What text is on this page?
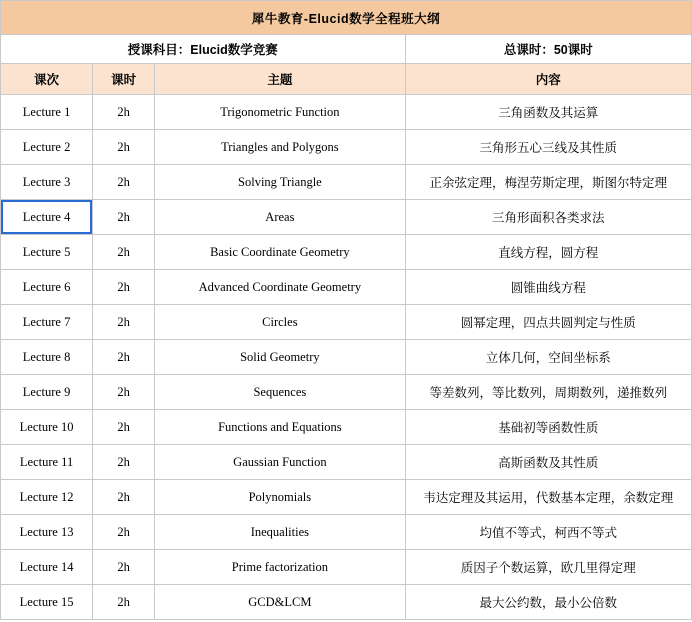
犀牛教育-Elucid数学全程班大纲			
授课科目：Elucid数学竞赛			总课时：50课时
课次	课时	主题	内容
Lecture 1	2h	Trigonometric Function	三角函数及其运算
Lecture 2	2h	Triangles and Polygons	三角形五心三线及其性质
Lecture 3	2h	Solving Triangle	正余弦定理，梅涅劳斯定理，斯图尔特定理
Lecture 4	2h	Areas	三角形面积各类求法
Lecture 5	2h	Basic Coordinate Geometry	直线方程，圆方程
Lecture 6	2h	Advanced Coordinate Geometry	圆锥曲线方程
Lecture 7	2h	Circles	圆幂定理，四点共圆判定与性质
Lecture 8	2h	Solid Geometry	立体几何，空间坐标系
Lecture 9	2h	Sequences	等差数列，等比数列，周期数列，递推数列
Lecture 10	2h	Functions and Equations	基础初等函数性质
Lecture 11	2h	Gaussian Function	高斯函数及其性质
Lecture 12	2h	Polynomials	韦达定理及其运用，代数基本定理，余数定理
Lecture 13	2h	Inequalities	均值不等式，柯西不等式
Lecture 14	2h	Prime factorization	质因子个数运算，欧几里得定理
Lecture 15	2h	GCD&LCM	最大公约数，最小公倍数
